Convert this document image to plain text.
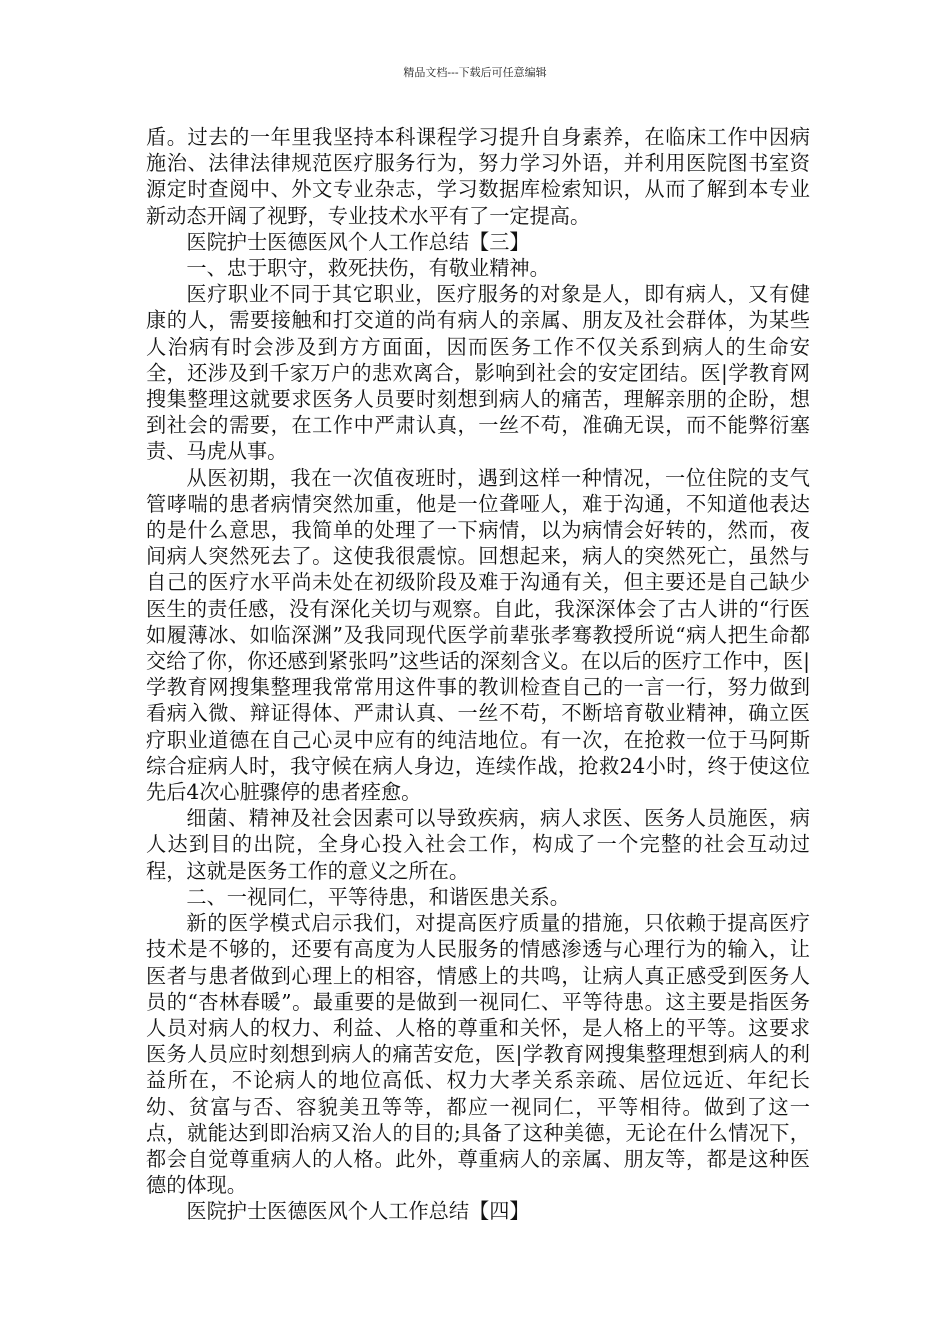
精品文档---下载后可任意编辑

盾。过去的一年里我坚持本科课程学习提升自身素养，在临床工作中因病施治、法律法律规范医疗服务行为，努力学习外语，并利用医院图书室资源定时查阅中、外文专业杂志，学习数据库检索知识，从而了解到本专业新动态开阔了视野，专业技术水平有了一定提高。

医院护士医德医风个人工作总结【三】

一、忠于职守，救死扶伤，有敬业精神。

医疗职业不同于其它职业，医疗服务的对象是人，即有病人，又有健康的人，需要接触和打交道的尚有病人的亲属、朋友及社会群体，为某些人治病有时会涉及到方方面面，因而医务工作不仅关系到病人的生命安全，还涉及到千家万户的悲欢离合，影响到社会的安定团结。医|学教育网搜集整理这就要求医务人员要时刻想到病人的痛苦，理解亲朋的企盼，想到社会的需要，在工作中严肃认真，一丝不苟，准确无误，而不能弊衍塞责、马虎从事。

从医初期，我在一次值夜班时，遇到这样一种情况，一位住院的支气管哮喘的患者病情突然加重，他是一位聋哑人，难于沟通，不知道他表达的是什么意思，我简单的处理了一下病情，以为病情会好转的，然而，夜间病人突然死去了。这使我很震惊。回想起来，病人的突然死亡，虽然与自己的医疗水平尚未处在初级阶段及难于沟通有关，但主要还是自己缺少医生的责任感，没有深化关切与观察。自此，我深深体会了古人讲的“行医如履薄冰、如临深渊”及我同现代医学前辈张孝骞教授所说“病人把生命都交给了你，你还感到紧张吗”这些话的深刻含义。在以后的医疗工作中，医|学教育网搜集整理我常常用这件事的教训检查自己的一言一行，努力做到看病入微、辩证得体、严肃认真、一丝不苟，不断培育敬业精神，确立医疗职业道德在自己心灵中应有的纯洁地位。有一次，在抢救一位于马阿斯综合症病人时，我守候在病人身边，连续作战，抢救24小时，终于使这位先后4次心脏骤停的患者痊愈。

细菌、精神及社会因素可以导致疾病，病人求医、医务人员施医，病人达到目的出院，全身心投入社会工作，构成了一个完整的社会互动过程，这就是医务工作的意义之所在。

二、一视同仁，平等待患，和谐医患关系。

新的医学模式启示我们，对提高医疗质量的措施，只依赖于提高医疗技术是不够的，还要有高度为人民服务的情感渗透与心理行为的输入，让医者与患者做到心理上的相容，情感上的共鸣，让病人真正感受到医务人员的“杏林春暖”。最重要的是做到一视同仁、平等待患。这主要是指医务人员对病人的权力、利益、人格的尊重和关怀，是人格上的平等。这要求医务人员应时刻想到病人的痛苦安危，医|学教育网搜集整理想到病人的利益所在，不论病人的地位高低、权力大孝关系亲疏、居位远近、年纪长幼、贫富与否、容貌美丑等等，都应一视同仁，平等相待。做到了这一点，就能达到即治病又治人的目的;具备了这种美德，无论在什么情况下，都会自觉尊重病人的人格。此外，尊重病人的亲属、朋友等，都是这种医德的体现。

医院护士医德医风个人工作总结【四】
